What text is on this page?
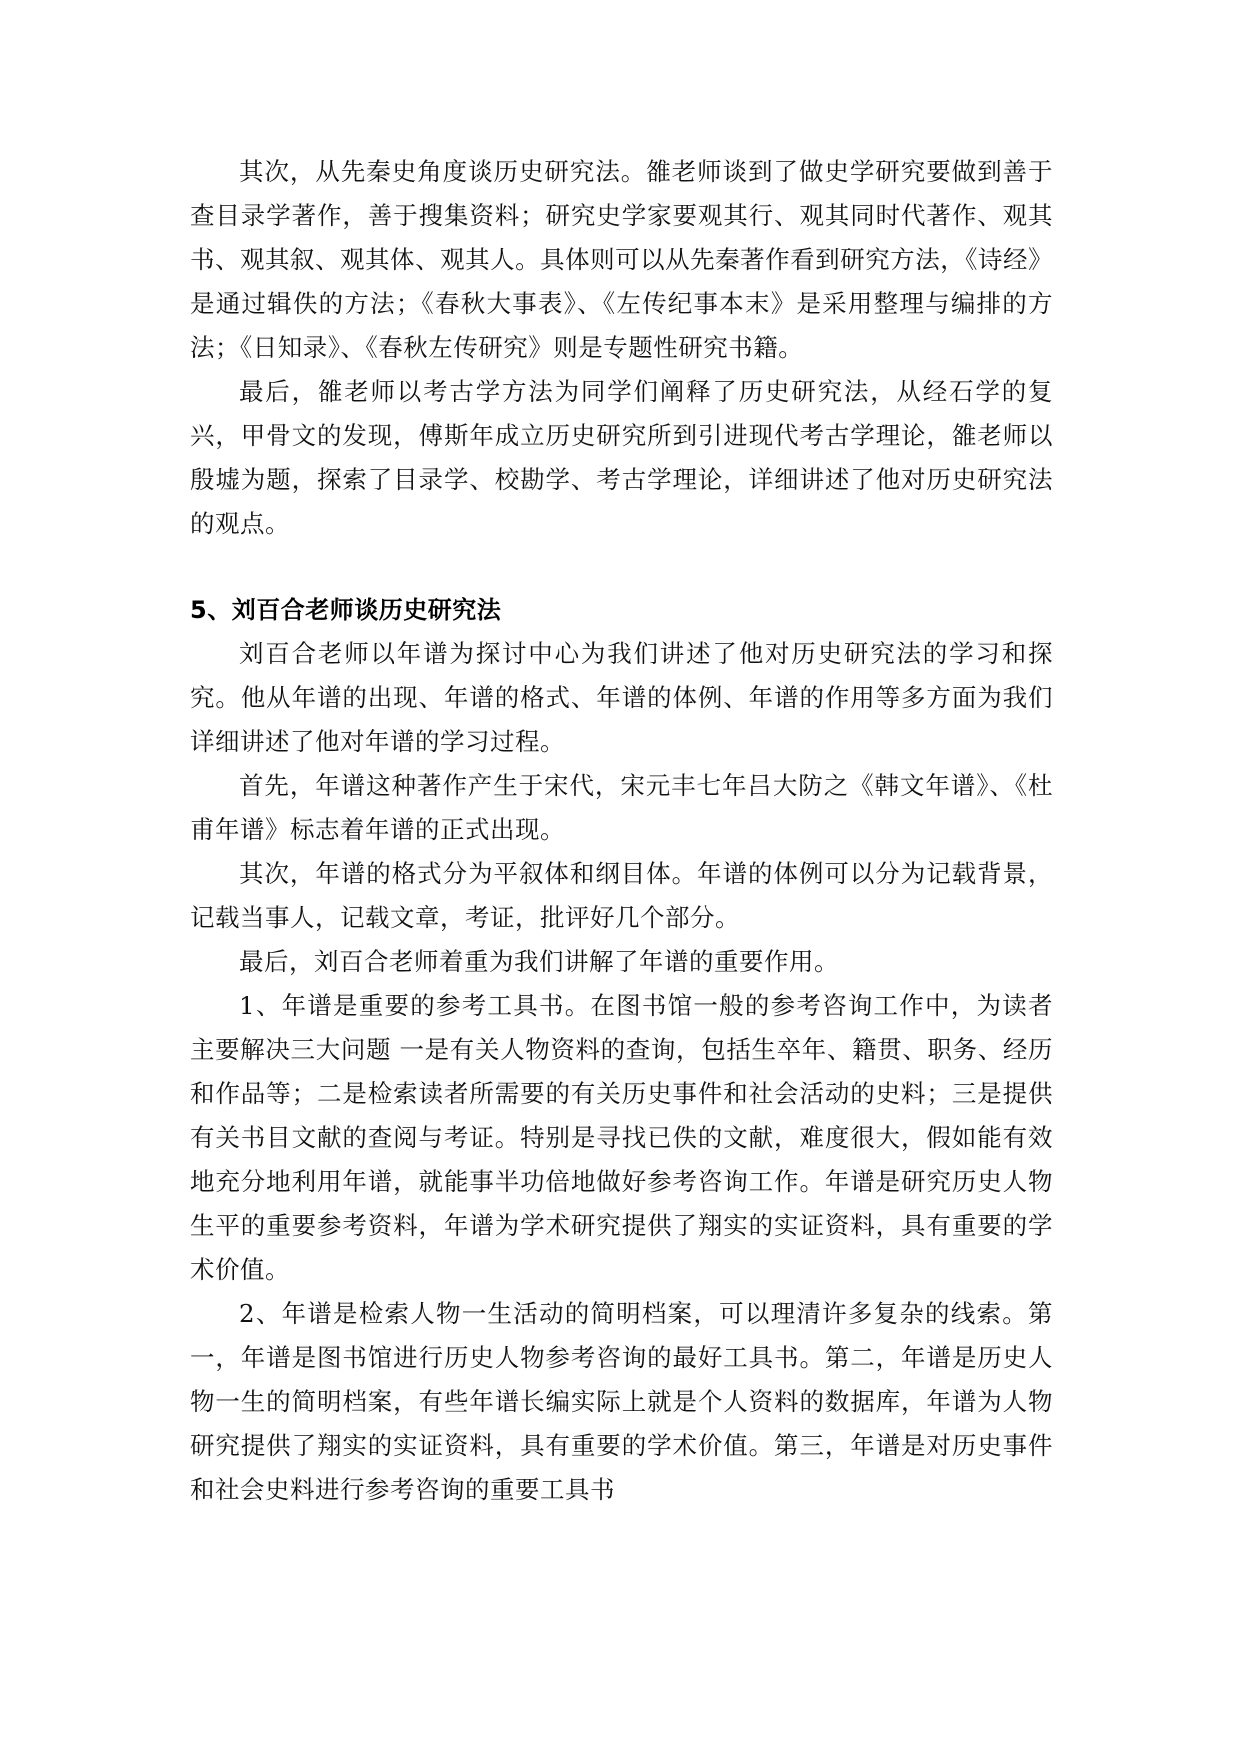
其次，从先秦史角度谈历史研究法。雒老师谈到了做史学研究要做到善于查目录学著作，善于搜集资料；研究史学家要观其行、观其同时代著作、观其书、观其叙、观其体、观其人。具体则可以从先秦著作看到研究方法，《诗经》是通过辑佚的方法；《春秋大事表》、《左传纪事本末》是采用整理与编排的方法；《日知录》、《春秋左传研究》则是专题性研究书籍。

最后，雒老师以考古学方法为同学们阐释了历史研究法，从经石学的复兴，甲骨文的发现，傅斯年成立历史研究所到引进现代考古学理论，雒老师以殷墟为题，探索了目录学、校勘学、考古学理论，详细讲述了他对历史研究法的观点。

5、刘百合老师谈历史研究法

刘百合老师以年谱为探讨中心为我们讲述了他对历史研究法的学习和探究。他从年谱的出现、年谱的格式、年谱的体例、年谱的作用等多方面为我们详细讲述了他对年谱的学习过程。

首先，年谱这种著作产生于宋代，宋元丰七年吕大防之《韩文年谱》、《杜甫年谱》标志着年谱的正式出现。

其次，年谱的格式分为平叙体和纲目体。年谱的体例可以分为记载背景，记载当事人，记载文章，考证，批评好几个部分。

最后，刘百合老师着重为我们讲解了年谱的重要作用。

1、年谱是重要的参考工具书。在图书馆一般的参考咨询工作中，为读者主要解决三大问题 一是有关人物资料的查询，包括生卒年、籍贯、职务、经历和作品等；二是检索读者所需要的有关历史事件和社会活动的史料；三是提供有关书目文献的查阅与考证。特别是寻找已佚的文献，难度很大，假如能有效地充分地利用年谱，就能事半功倍地做好参考咨询工作。年谱是研究历史人物生平的重要参考资料，年谱为学术研究提供了翔实的实证资料，具有重要的学术价值。

2、年谱是检索人物一生活动的简明档案，可以理清许多复杂的线索。第一，年谱是图书馆进行历史人物参考咨询的最好工具书。第二，年谱是历史人物一生的简明档案，有些年谱长编实际上就是个人资料的数据库，年谱为人物研究提供了翔实的实证资料，具有重要的学术价值。第三，年谱是对历史事件和社会史料进行参考咨询的重要工具书
